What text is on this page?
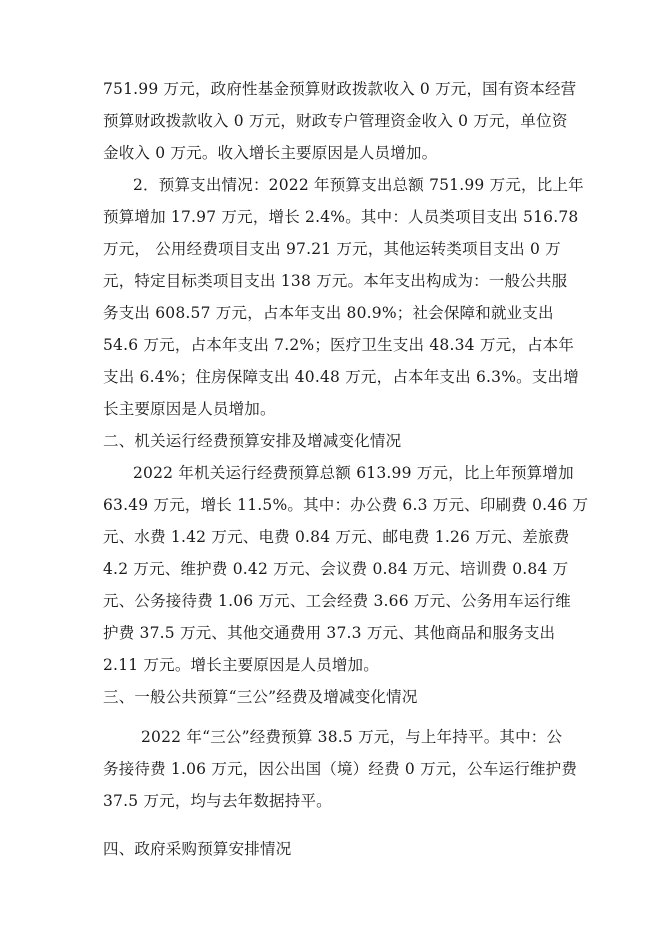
751.99 万元，政府性基金预算财政拨款收入 0 万元，国有资本经营
预算财政拨款收入 0 万元，财政专户管理资金收入 0 万元，单位资
金收入 0 万元。收入增长主要原因是人员增加。
2．预算支出情况：2022 年预算支出总额 751.99 万元，比上年
预算增加 17.97 万元，增长 2.4%。其中：人员类项目支出 516.78
万元， 公用经费项目支出 97.21 万元，其他运转类项目支出 0 万
元，特定目标类项目支出 138 万元。本年支出构成为：一般公共服
务支出 608.57 万元，占本年支出 80.9%；社会保障和就业支出
54.6 万元，占本年支出 7.2%；医疗卫生支出 48.34 万元，占本年
支出 6.4%；住房保障支出 40.48 万元，占本年支出 6.3%。支出增
长主要原因是人员增加。
二、机关运行经费预算安排及增减变化情况
2022 年机关运行经费预算总额 613.99 万元，比上年预算增加
63.49 万元，增长 11.5%。其中：办公费 6.3 万元、印刷费 0.46 万
元、水费 1.42 万元、电费 0.84 万元、邮电费 1.26 万元、差旅费
4.2 万元、维护费 0.42 万元、会议费 0.84 万元、培训费 0.84 万
元、公务接待费 1.06 万元、工会经费 3.66 万元、公务用车运行维
护费 37.5 万元、其他交通费用 37.3 万元、其他商品和服务支出
2.11 万元。增长主要原因是人员增加。
三、一般公共预算“三公”经费及增减变化情况
2022 年“三公”经费预算 38.5 万元，与上年持平。其中：公
务接待费 1.06 万元，因公出国（境）经费 0 万元，公车运行维护费
37.5 万元，均与去年数据持平。
四、政府采购预算安排情况
